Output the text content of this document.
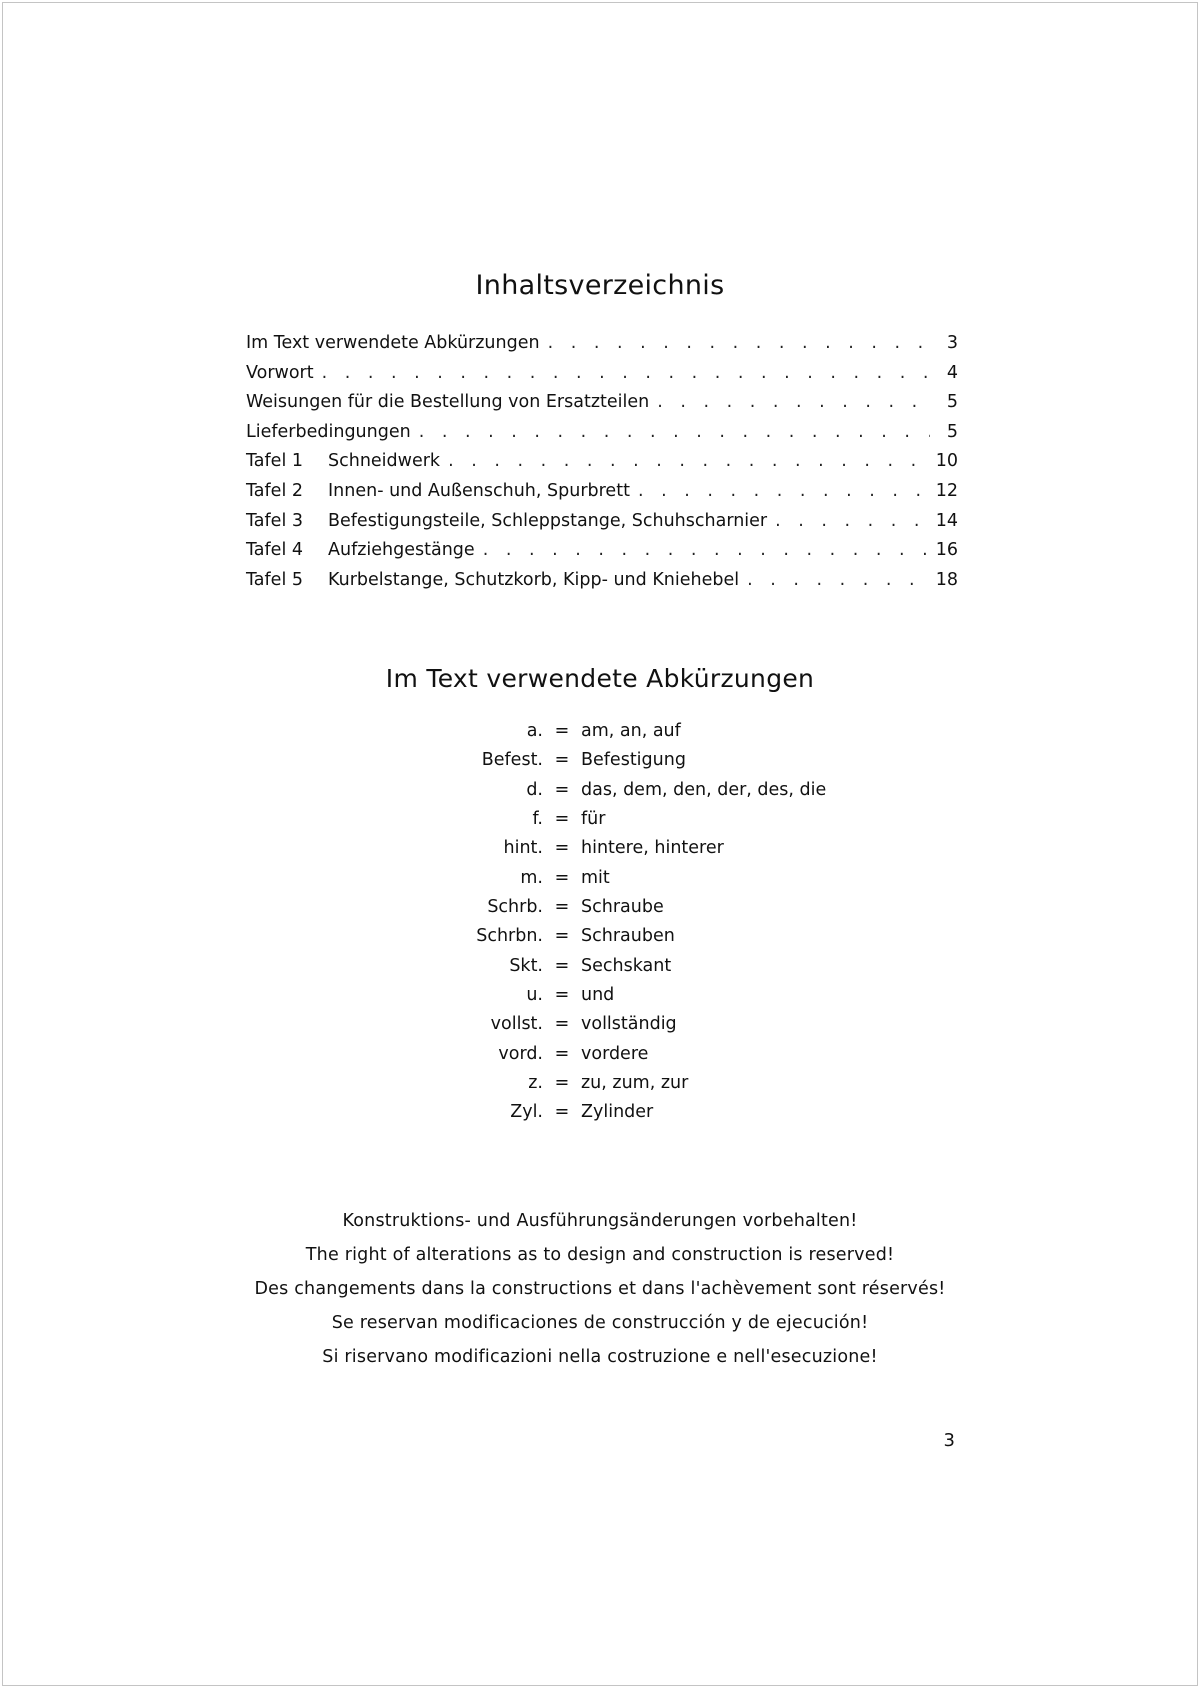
Inhaltsverzeichnis
Im Text verwendete Abkürzungen . . .	3
Vorwort . . .	4
Weisungen für die Bestellung von Ersatzteilen . . .	5
Lieferbedingungen . . .	5
Tafel 1	Schneidwerk . . .	10
Tafel 2	Innen- und Außenschuh, Spurbrett . . .	12
Tafel 3	Befestigungsteile, Schleppstange, Schuhscharnier . . .	14
Tafel 4	Aufziehgestänge . . .	16
Tafel 5	Kurbelstange, Schutzkorb, Kipp- und Kniehebel . . .	18
Im Text verwendete Abkürzungen
a. = am, an, auf
Befest. = Befestigung
d. = das, dem, den, der, des, die
f. = für
hint. = hintere, hinterer
m. = mit
Schrb. = Schraube
Schrbn. = Schrauben
Skt. = Sechskant
u. = und
vollst. = vollständig
vord. = vordere
z. = zu, zum, zur
Zyl. = Zylinder
Konstruktions- und Ausführungsänderungen vorbehalten!
The right of alterations as to design and construction is reserved!
Des changements dans la constructions et dans l'achèvement sont réservés!
Se reservan modificaciones de construcción y de ejecución!
Si riservano modificazioni nella costruzione e nell'esecuzione!
3
